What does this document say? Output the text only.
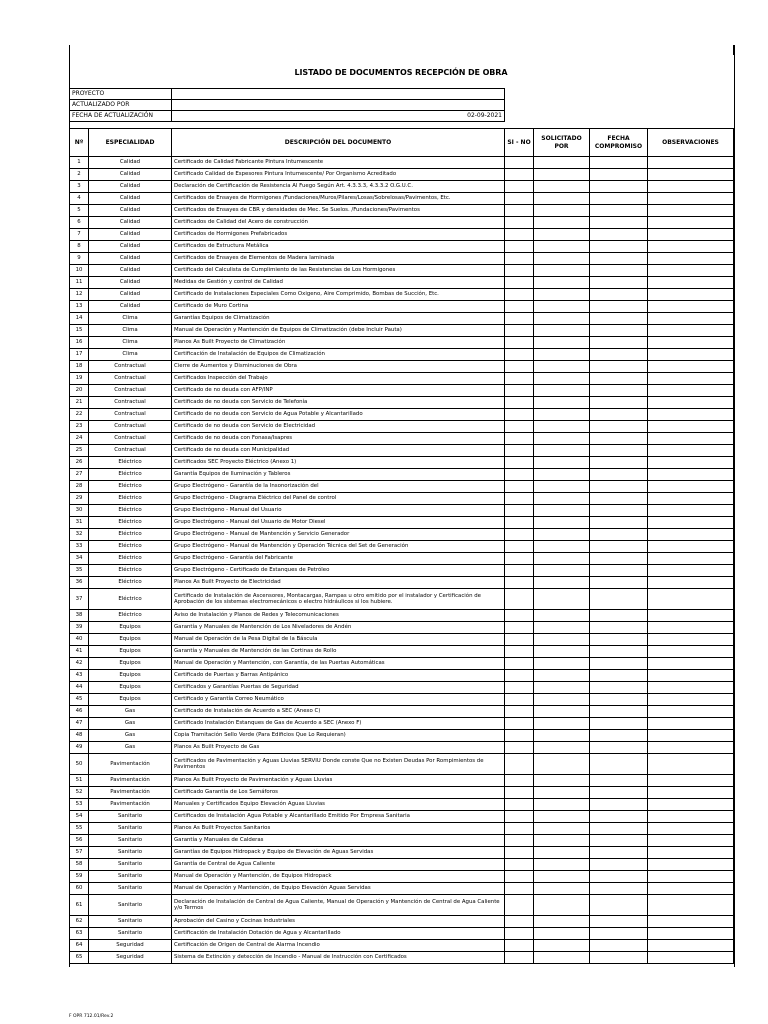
LISTADO DE DOCUMENTOS RECEPCIÓN DE OBRA
PROYECTO	
ACTUALIZADO POR	
FECHA DE ACTUALIZACIÓN	02-09-2021
Nº	ESPECIALIDAD	DESCRIPCIÓN DEL DOCUMENTO	SI - NO	SOLICITADO POR	FECHA COMPROMISO	OBSERVACIONES
1	Calidad	Certificado de Calidad Fabricante Pintura Intumescente				
2	Calidad	Certificado Calidad de Espesores Pintura Intumescente/ Por Organismo Acreditado				
3	Calidad	Declaración de Certificación de Resistencia Al Fuego Según Art. 4.3.3.3, 4.3.3.2 O.G.U.C.				
4	Calidad	Certificados de Ensayes de Hormigones /Fundaciones/Muros/Pilares/Losas/Sobrelosas/Pavimentos, Etc.				
5	Calidad	Certificados de Ensayes de CBR y densidades de Mec. Se Suelos. /Fundaciones/Pavimentos				
6	Calidad	Certificados de Calidad del Acero de construcción				
7	Calidad	Certificados de Hormigones Prefabricados				
8	Calidad	Certificados de Estructura Metálica				
9	Calidad	Certificados de Ensayes de Elementos de Madera laminada				
10	Calidad	Certificado del Calculista de Cumplimiento de las Resistencias de Los Hormigones				
11	Calidad	Medidas de Gestión y control de Calidad				
12	Calidad	Certificado de Instalaciones Especiales Como Oxigeno, Aire Comprimido, Bombas de Succión, Etc.				
13	Calidad	Certificado de Muro Cortina				
14	Clima	Garantías Equipos de Climatización				
15	Clima	Manual de Operación y Mantención de Equipos de Climatización (debe Incluir Pauta)				
16	Clima	Planos As Built Proyecto de Climatización				
17	Clima	Certificación de Instalación de Equipos de Climatización				
18	Contractual	Cierre de Aumentos y Disminuciones de Obra				
19	Contractual	Certificados Inspección del Trabajo				
20	Contractual	Certificado de no deuda con AFP/INP				
21	Contractual	Certificado de no deuda con Servicio de Telefonía				
22	Contractual	Certificado de no deuda con Servicio de Agua Potable y Alcantarillado				
23	Contractual	Certificado de no deuda con Servicio de Electricidad				
24	Contractual	Certificado de no deuda con Fonasa/Isapres				
25	Contractual	Certificado de no deuda con Municipalidad				
26	Eléctrico	Certificados SEC Proyecto Eléctrico (Anexo 1)				
27	Eléctrico	Garantía Equipos de Iluminación y Tableros				
28	Eléctrico	Grupo Electrógeno - Garantía de la Insonorización del				
29	Eléctrico	Grupo Electrógeno - Diagrama Eléctrico del Panel de control				
30	Eléctrico	Grupo Electrógeno - Manual del Usuario				
31	Eléctrico	Grupo Electrógeno - Manual del Usuario de Motor Diesel				
32	Eléctrico	Grupo Electrógeno - Manual de Mantención y Servicio Generador				
33	Eléctrico	Grupo Electrógeno - Manual de Mantención y Operación Técnica del Set de Generación				
34	Eléctrico	Grupo Electrógeno - Garantía del Fabricante				
35	Eléctrico	Grupo Electrógeno - Certificado de Estanques de Petróleo				
36	Eléctrico	Planos As Built Proyecto de Electricidad				
37	Eléctrico	Certificado de Instalación de Ascensores, Montacargas, Rampas u otro emitido por el instalador y Certificación de Aprobación de los sistemas electromecánicos o electro hidráulicos si los hubiere.				
38	Eléctrico	Aviso de Instalación y Planos de Redes y Telecomunicaciones				
39	Equipos	Garantía y Manuales de Mantención de Los Niveladores de Andén				
40	Equipos	Manual de Operación de la Pesa Digital de la Báscula				
41	Equipos	Garantía y Manuales de Mantención de las Cortinas de Rollo				
42	Equipos	Manual de Operación y Mantención, con Garantía, de las Puertas Automáticas				
43	Equipos	Certificado de Puertas y Barras Antipánico				
44	Equipos	Certificados y Garantías Puertas de Seguridad				
45	Equipos	Certificado y Garantía Correo Neumático				
46	Gas	Certificado de Instalación de Acuerdo a SEC (Anexo C)				
47	Gas	Certificado Instalación Estanques de Gas de Acuerdo a SEC (Anexo F)				
48	Gas	Copia Tramitación Sello Verde (Para Edificios Que Lo Requieran)				
49	Gas	Planos As Built Proyecto de Gas				
50	Pavimentación	Certificados de Pavimentación y Aguas Lluvias SERVIU Donde conste Que no Existen Deudas Por Rompimientos de Pavimentos				
51	Pavimentación	Planos As Built Proyecto de Pavimentación y Aguas Lluvias				
52	Pavimentación	Certificado Garantía de Los Semáforos				
53	Pavimentación	Manuales y Certificados Equipo Elevación Aguas Lluvias				
54	Sanitario	Certificados de Instalación Agua Potable y Alcantarillado Emitido Por Empresa Sanitaria				
55	Sanitario	Planos As Built Proyectos Sanitarios				
56	Sanitario	Garantía y Manuales de Calderas				
57	Sanitario	Garantías de Equipos Hidropack y Equipo de Elevación de Aguas Servidas				
58	Sanitario	Garantía de Central de Agua Caliente				
59	Sanitario	Manual de Operación y Mantención, de Equipos Hidropack				
60	Sanitario	Manual de Operación y Mantención, de Equipo Elevación Aguas Servidas				
61	Sanitario	Declaración de Instalación de Central de Agua Caliente, Manual de Operación y Mantención de Central de Agua Caliente y/o Termos				
62	Sanitario	Aprobación del Casino y Cocinas Industriales				
63	Sanitario	Certificación de Instalación Dotación de Agua y Alcantarillado				
64	Seguridad	Certificación de Origen de Central de Alarma Incendio				
65	Seguridad	Sistema de Extinción y detección de Incendio - Manual de Instrucción con Certificados				
F OPR 712.01/Rev.2
